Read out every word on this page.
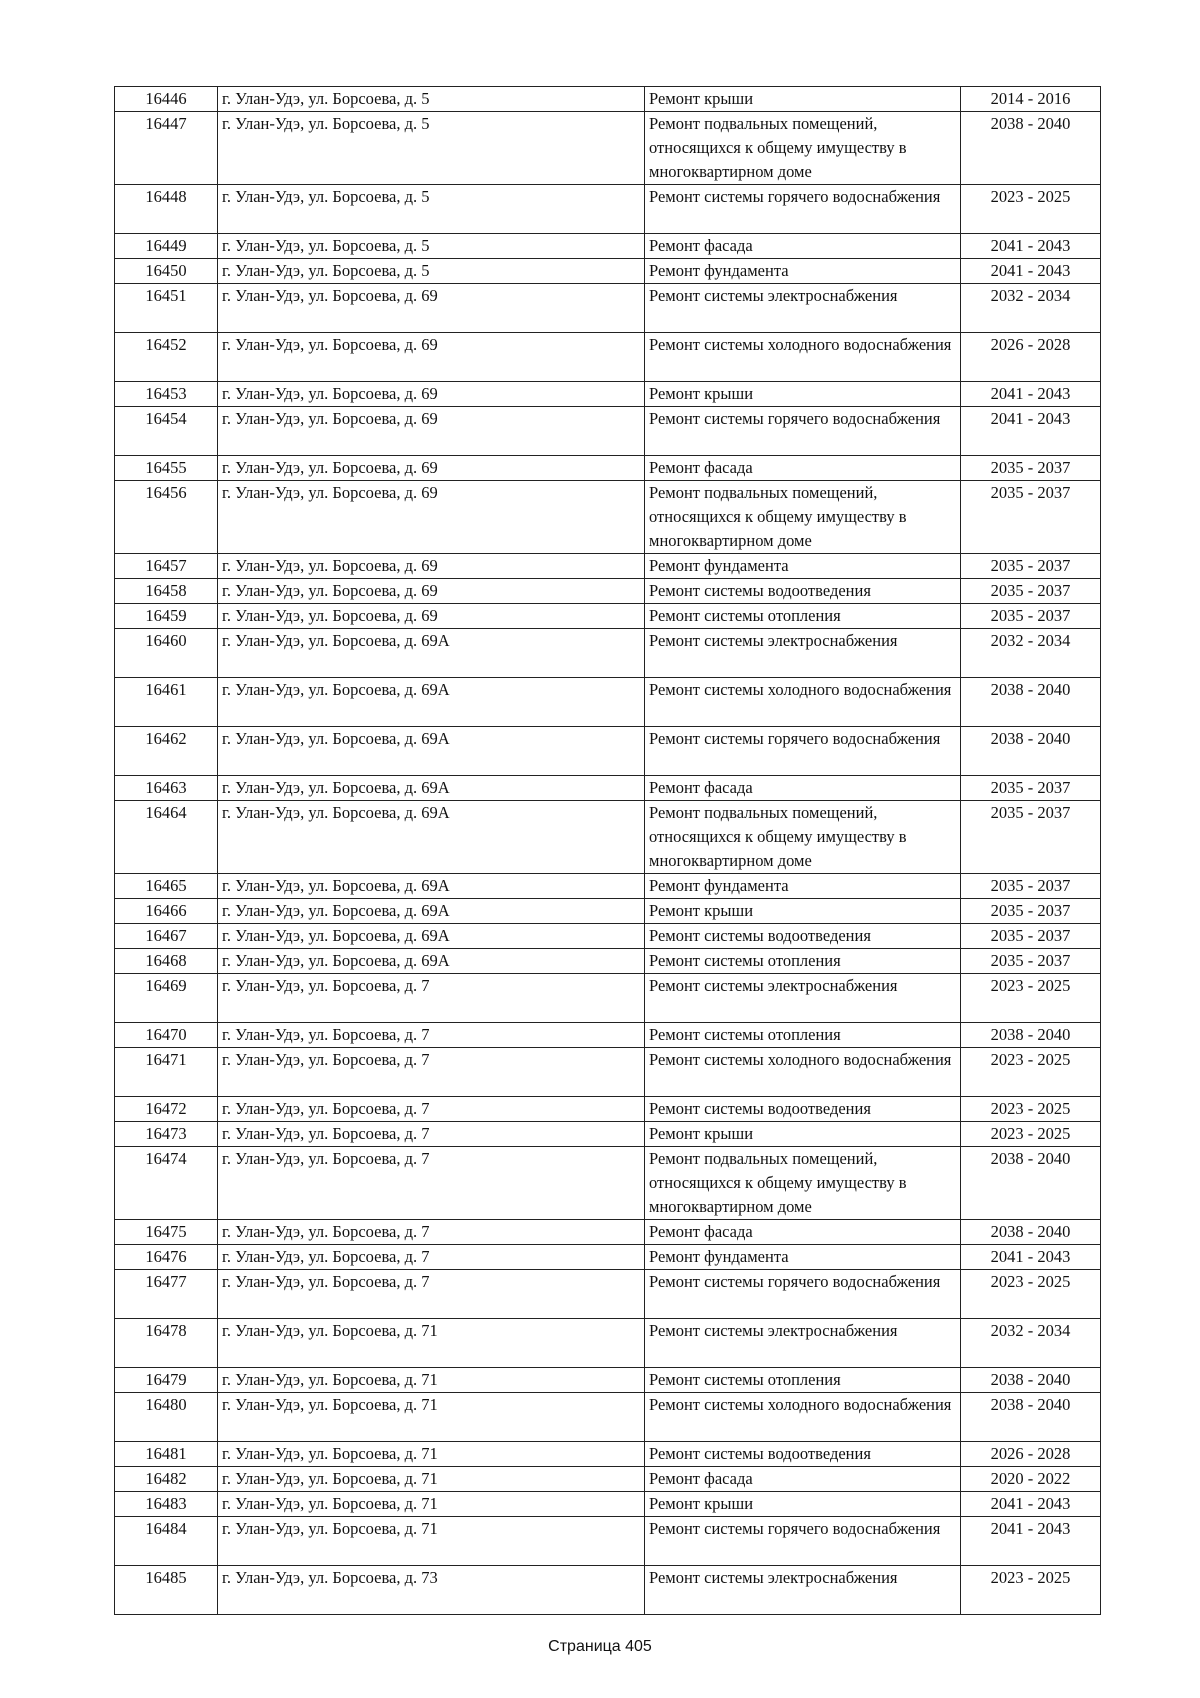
16446	г. Улан-Удэ, ул. Борсоева, д. 5	Ремонт крыши	2014 - 2016
16447	г. Улан-Удэ, ул. Борсоева, д. 5	Ремонт подвальных помещений, относящихся к общему имуществу в многоквартирном доме	2038 - 2040
16448	г. Улан-Удэ, ул. Борсоева, д. 5	Ремонт системы горячего водоснабжения	2023 - 2025
16449	г. Улан-Удэ, ул. Борсоева, д. 5	Ремонт фасада	2041 - 2043
16450	г. Улан-Удэ, ул. Борсоева, д. 5	Ремонт фундамента	2041 - 2043
16451	г. Улан-Удэ, ул. Борсоева, д. 69	Ремонт системы электроснабжения	2032 - 2034
16452	г. Улан-Удэ, ул. Борсоева, д. 69	Ремонт системы холодного водоснабжения	2026 - 2028
16453	г. Улан-Удэ, ул. Борсоева, д. 69	Ремонт крыши	2041 - 2043
16454	г. Улан-Удэ, ул. Борсоева, д. 69	Ремонт системы горячего водоснабжения	2041 - 2043
16455	г. Улан-Удэ, ул. Борсоева, д. 69	Ремонт фасада	2035 - 2037
16456	г. Улан-Удэ, ул. Борсоева, д. 69	Ремонт подвальных помещений, относящихся к общему имуществу в многоквартирном доме	2035 - 2037
16457	г. Улан-Удэ, ул. Борсоева, д. 69	Ремонт фундамента	2035 - 2037
16458	г. Улан-Удэ, ул. Борсоева, д. 69	Ремонт системы водоотведения	2035 - 2037
16459	г. Улан-Удэ, ул. Борсоева, д. 69	Ремонт системы отопления	2035 - 2037
16460	г. Улан-Удэ, ул. Борсоева, д. 69А	Ремонт системы электроснабжения	2032 - 2034
16461	г. Улан-Удэ, ул. Борсоева, д. 69А	Ремонт системы холодного водоснабжения	2038 - 2040
16462	г. Улан-Удэ, ул. Борсоева, д. 69А	Ремонт системы горячего водоснабжения	2038 - 2040
16463	г. Улан-Удэ, ул. Борсоева, д. 69А	Ремонт фасада	2035 - 2037
16464	г. Улан-Удэ, ул. Борсоева, д. 69А	Ремонт подвальных помещений, относящихся к общему имуществу в многоквартирном доме	2035 - 2037
16465	г. Улан-Удэ, ул. Борсоева, д. 69А	Ремонт фундамента	2035 - 2037
16466	г. Улан-Удэ, ул. Борсоева, д. 69А	Ремонт крыши	2035 - 2037
16467	г. Улан-Удэ, ул. Борсоева, д. 69А	Ремонт системы водоотведения	2035 - 2037
16468	г. Улан-Удэ, ул. Борсоева, д. 69А	Ремонт системы отопления	2035 - 2037
16469	г. Улан-Удэ, ул. Борсоева, д. 7	Ремонт системы электроснабжения	2023 - 2025
16470	г. Улан-Удэ, ул. Борсоева, д. 7	Ремонт системы отопления	2038 - 2040
16471	г. Улан-Удэ, ул. Борсоева, д. 7	Ремонт системы холодного водоснабжения	2023 - 2025
16472	г. Улан-Удэ, ул. Борсоева, д. 7	Ремонт системы водоотведения	2023 - 2025
16473	г. Улан-Удэ, ул. Борсоева, д. 7	Ремонт крыши	2023 - 2025
16474	г. Улан-Удэ, ул. Борсоева, д. 7	Ремонт подвальных помещений, относящихся к общему имуществу в многоквартирном доме	2038 - 2040
16475	г. Улан-Удэ, ул. Борсоева, д. 7	Ремонт фасада	2038 - 2040
16476	г. Улан-Удэ, ул. Борсоева, д. 7	Ремонт фундамента	2041 - 2043
16477	г. Улан-Удэ, ул. Борсоева, д. 7	Ремонт системы горячего водоснабжения	2023 - 2025
16478	г. Улан-Удэ, ул. Борсоева, д. 71	Ремонт системы электроснабжения	2032 - 2034
16479	г. Улан-Удэ, ул. Борсоева, д. 71	Ремонт системы отопления	2038 - 2040
16480	г. Улан-Удэ, ул. Борсоева, д. 71	Ремонт системы холодного водоснабжения	2038 - 2040
16481	г. Улан-Удэ, ул. Борсоева, д. 71	Ремонт системы водоотведения	2026 - 2028
16482	г. Улан-Удэ, ул. Борсоева, д. 71	Ремонт фасада	2020 - 2022
16483	г. Улан-Удэ, ул. Борсоева, д. 71	Ремонт крыши	2041 - 2043
16484	г. Улан-Удэ, ул. Борсоева, д. 71	Ремонт системы горячего водоснабжения	2041 - 2043
16485	г. Улан-Удэ, ул. Борсоева, д. 73	Ремонт системы электроснабжения	2023 - 2025
Страница 405
